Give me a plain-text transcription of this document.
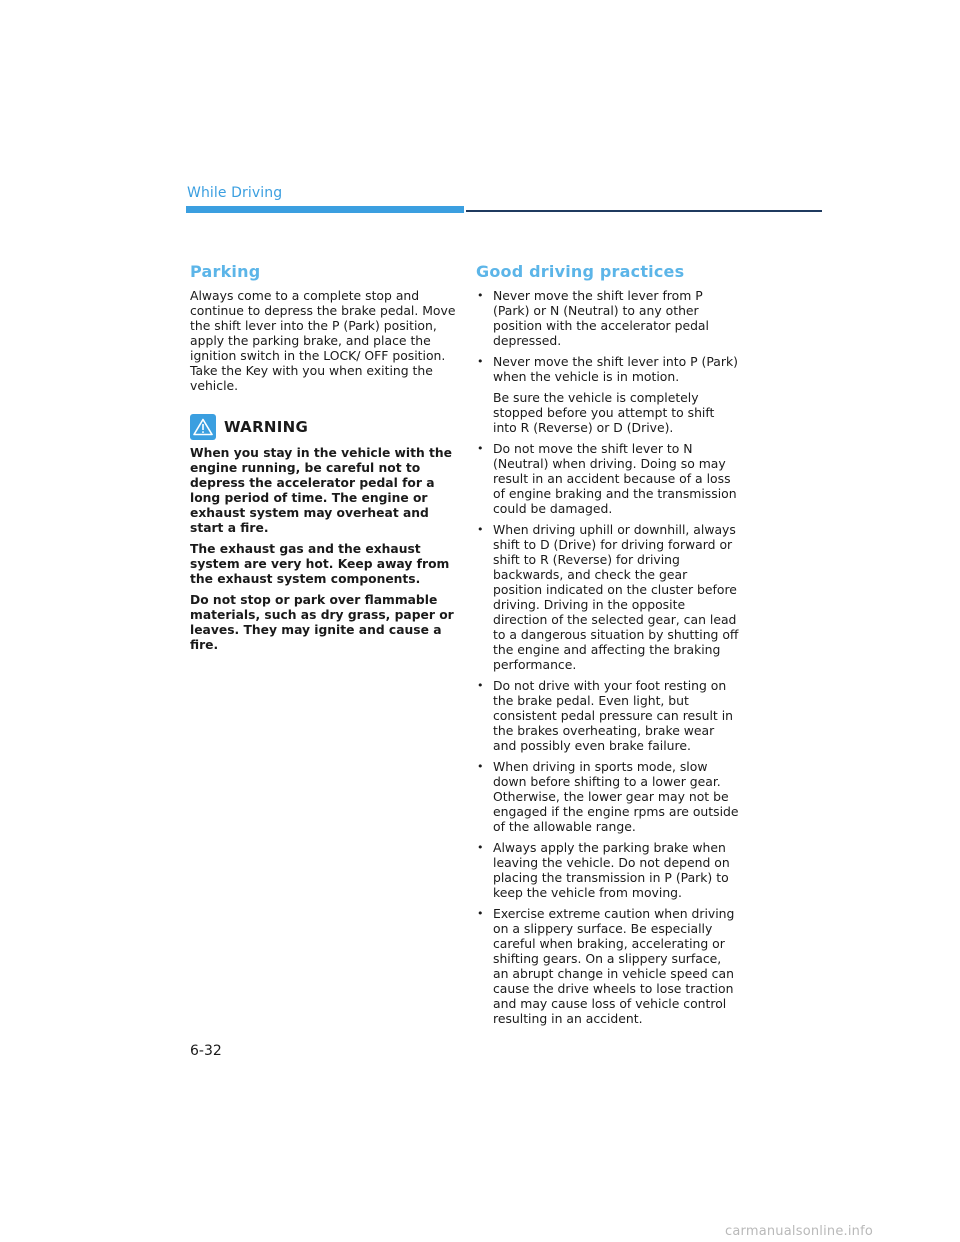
While Driving
Parking

Always come to a complete stop and continue to depress the brake pedal. Move the shift lever into the P (Park) position, apply the parking brake, and place the ignition switch in the LOCK/ OFF position. Take the Key with you when exiting the vehicle.

WARNING

When you stay in the vehicle with the engine running, be careful not to depress the accelerator pedal for a long period of time. The engine or exhaust system may overheat and start a fire.

The exhaust gas and the exhaust system are very hot. Keep away from the exhaust system components.

Do not stop or park over flammable materials, such as dry grass, paper or leaves. They may ignite and cause a fire.

Good driving practices
• Never move the shift lever from P (Park) or N (Neutral) to any other position with the accelerator pedal depressed.
• Never move the shift lever into P (Park) when the vehicle is in motion.
Be sure the vehicle is completely stopped before you attempt to shift into R (Reverse) or D (Drive).
• Do not move the shift lever to N (Neutral) when driving. Doing so may result in an accident because of a loss of engine braking and the transmission could be damaged.
• When driving uphill or downhill, always shift to D (Drive) for driving forward or shift to R (Reverse) for driving backwards, and check the gear position indicated on the cluster before driving. Driving in the opposite direction of the selected gear, can lead to a dangerous situation by shutting off the engine and affecting the braking performance.
• Do not drive with your foot resting on the brake pedal. Even light, but consistent pedal pressure can result in the brakes overheating, brake wear and possibly even brake failure.
• When driving in sports mode, slow down before shifting to a lower gear. Otherwise, the lower gear may not be engaged if the engine rpms are outside of the allowable range.
• Always apply the parking brake when leaving the vehicle. Do not depend on placing the transmission in P (Park) to keep the vehicle from moving.
• Exercise extreme caution when driving on a slippery surface. Be especially careful when braking, accelerating or shifting gears. On a slippery surface, an abrupt change in vehicle speed can cause the drive wheels to lose traction and may cause loss of vehicle control resulting in an accident.
6-32
carmanualsonline.info
